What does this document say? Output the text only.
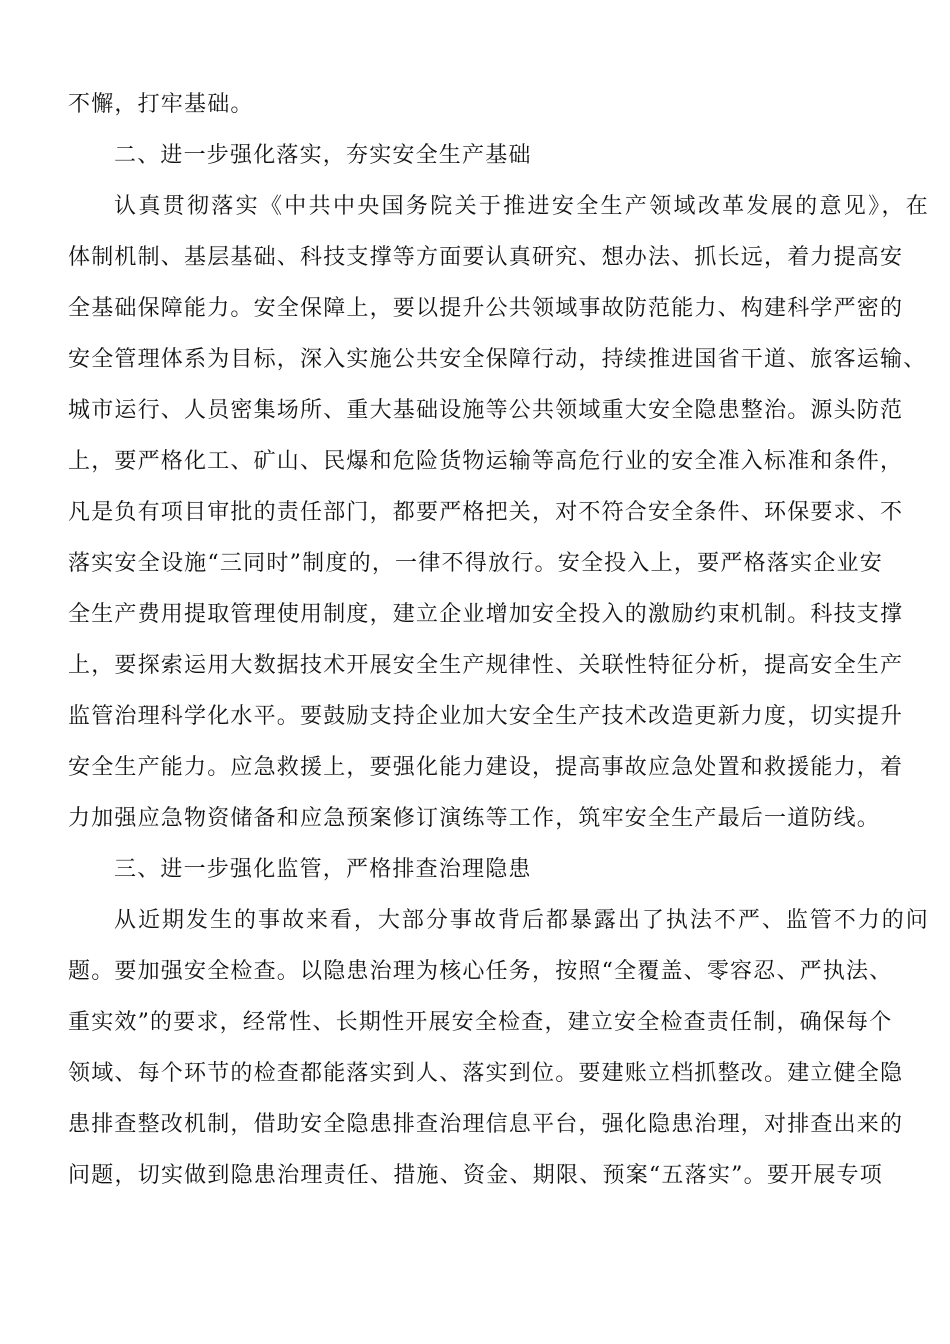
不懈，打牢基础。
二、进一步强化落实，夯实安全生产基础
认真贯彻落实《中共中央国务院关于推进安全生产领域改革发展的意见》，在
体制机制、基层基础、科技支撑等方面要认真研究、想办法、抓长远，着力提高安
全基础保障能力。安全保障上，要以提升公共领域事故防范能力、构建科学严密的
安全管理体系为目标，深入实施公共安全保障行动，持续推进国省干道、旅客运输、
城市运行、人员密集场所、重大基础设施等公共领域重大安全隐患整治。源头防范
上，要严格化工、矿山、民爆和危险货物运输等高危行业的安全准入标准和条件，
凡是负有项目审批的责任部门，都要严格把关，对不符合安全条件、环保要求、不
落实安全设施“三同时”制度的，一律不得放行。安全投入上，要严格落实企业安
全生产费用提取管理使用制度，建立企业增加安全投入的激励约束机制。科技支撑
上，要探索运用大数据技术开展安全生产规律性、关联性特征分析，提高安全生产
监管治理科学化水平。要鼓励支持企业加大安全生产技术改造更新力度，切实提升
安全生产能力。应急救援上，要强化能力建设，提高事故应急处置和救援能力，着
力加强应急物资储备和应急预案修订演练等工作，筑牢安全生产最后一道防线。
三、进一步强化监管，严格排查治理隐患
从近期发生的事故来看，大部分事故背后都暴露出了执法不严、监管不力的问
题。要加强安全检查。以隐患治理为核心任务，按照“全覆盖、零容忍、严执法、
重实效”的要求，经常性、长期性开展安全检查，建立安全检查责任制，确保每个
领域、每个环节的检查都能落实到人、落实到位。要建账立档抓整改。建立健全隐
患排查整改机制，借助安全隐患排查治理信息平台，强化隐患治理，对排查出来的
问题，切实做到隐患治理责任、措施、资金、期限、预案“五落实”。要开展专项
